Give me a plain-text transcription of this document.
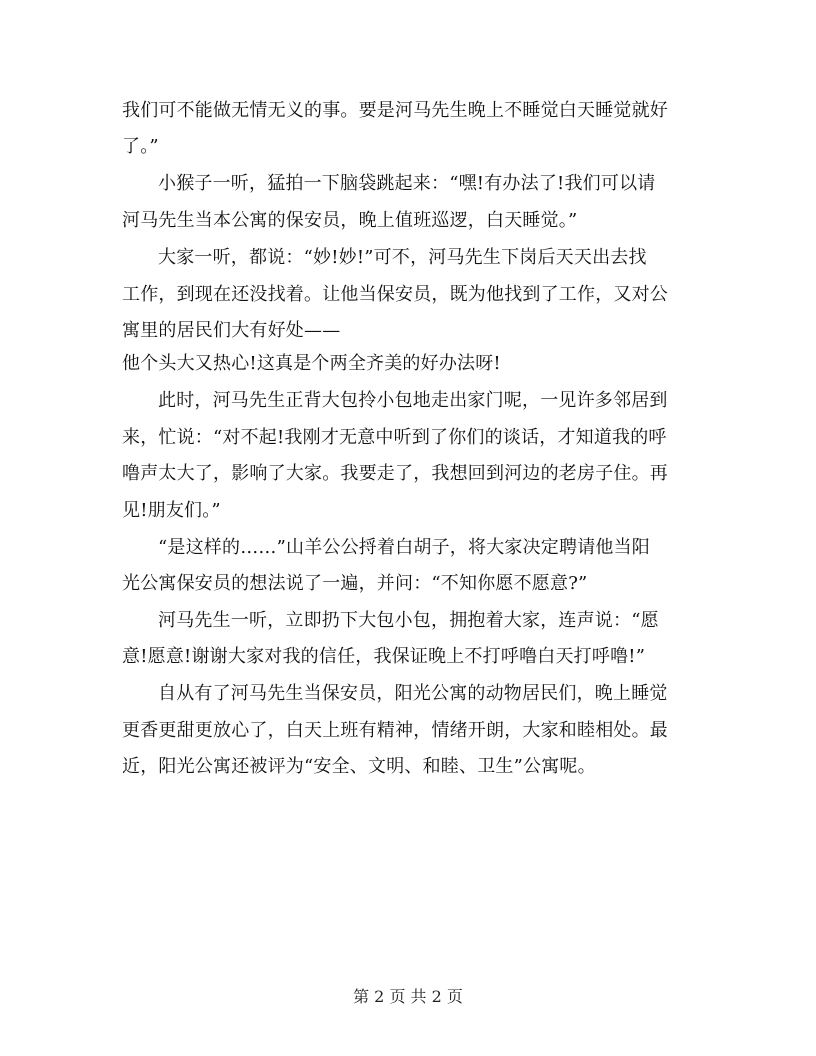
我们可不能做无情无义的事。要是河马先生晚上不睡觉白天睡觉就好
了。”
小猴子一听，猛拍一下脑袋跳起来：“嘿!有办法了!我们可以请
河马先生当本公寓的保安员，晚上值班巡逻，白天睡觉。”
大家一听，都说：“妙!妙!”可不，河马先生下岗后天天出去找
工作，到现在还没找着。让他当保安员，既为他找到了工作，又对公
寓里的居民们大有好处——
他个头大又热心!这真是个两全齐美的好办法呀!
此时，河马先生正背大包拎小包地走出家门呢，一见许多邻居到
来，忙说：“对不起!我刚才无意中听到了你们的谈话，才知道我的呼
噜声太大了，影响了大家。我要走了，我想回到河边的老房子住。再
见!朋友们。”
“是这样的……”山羊公公捋着白胡子，将大家决定聘请他当阳
光公寓保安员的想法说了一遍，并问：“不知你愿不愿意?”
河马先生一听，立即扔下大包小包，拥抱着大家，连声说：“愿
意!愿意!谢谢大家对我的信任，我保证晚上不打呼噜白天打呼噜!”
自从有了河马先生当保安员，阳光公寓的动物居民们，晚上睡觉
更香更甜更放心了，白天上班有精神，情绪开朗，大家和睦相处。最
近，阳光公寓还被评为“安全、文明、和睦、卫生”公寓呢。
第 2 页 共 2 页
